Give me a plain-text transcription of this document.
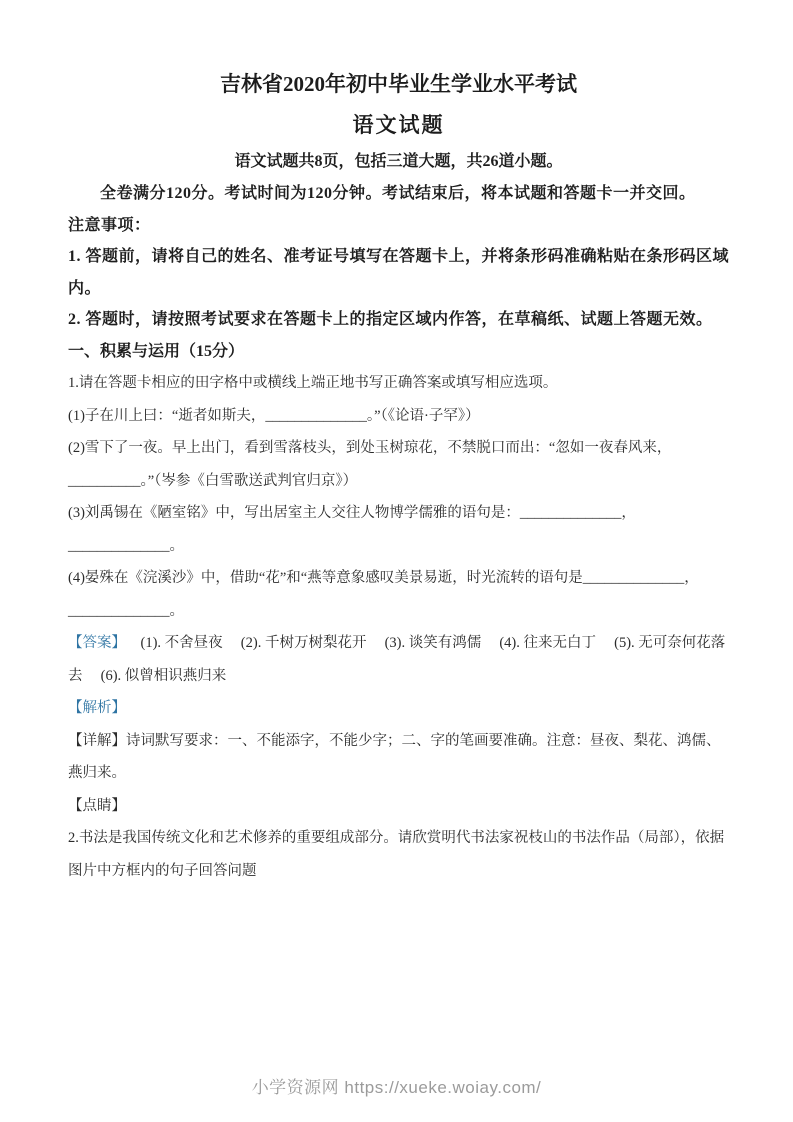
吉林省2020年初中毕业生学业水平考试
语文试题

语文试题共8页，包括三道大题，共26道小题。

全卷满分120分。考试时间为120分钟。考试结束后，将本试题和答题卡一并交回。

注意事项：

1. 答题前，请将自己的姓名、准考证号填写在答题卡上，并将条形码准确粘贴在条形码区域内。

2. 答题时，请按照考试要求在答题卡上的指定区域内作答，在草稿纸、试题上答题无效。

一、积累与运用（15分）

1.请在答题卡相应的田字格中或横线上端正地书写正确答案或填写相应选项。

(1)子在川上曰：“逝者如斯夫，______________。”（《论语·子罕》）

(2)雪下了一夜。早上出门，看到雪落枝头，到处玉树琼花，不禁脱口而出：“忽如一夜春风来，__________。”（岑参《白雪歌送武判官归京》）

(3)刘禹锡在《陋室铭》中，写出居室主人交往人物博学儒雅的语句是：______________，______________。

(4)晏殊在《浣溪沙》中，借助“花”和“燕等意象感叹美景易逝，时光流转的语句是______________，______________。

【答案】    (1). 不舍昼夜     (2). 千树万树梨花开     (3). 谈笑有鸿儒     (4). 往来无白丁     (5). 无可奈何花落去     (6). 似曾相识燕归来

【解析】

【详解】诗词默写要求：一、不能添字，不能少字；二、字的笔画要准确。注意：昼夜、梨花、鸿儒、燕归来。

【点睛】

2.书法是我国传统文化和艺术修养的重要组成部分。请欣赏明代书法家祝枝山的书法作品（局部），依据图片中方框内的句子回答问题

小学资源网 https://xueke.woiay.com/
